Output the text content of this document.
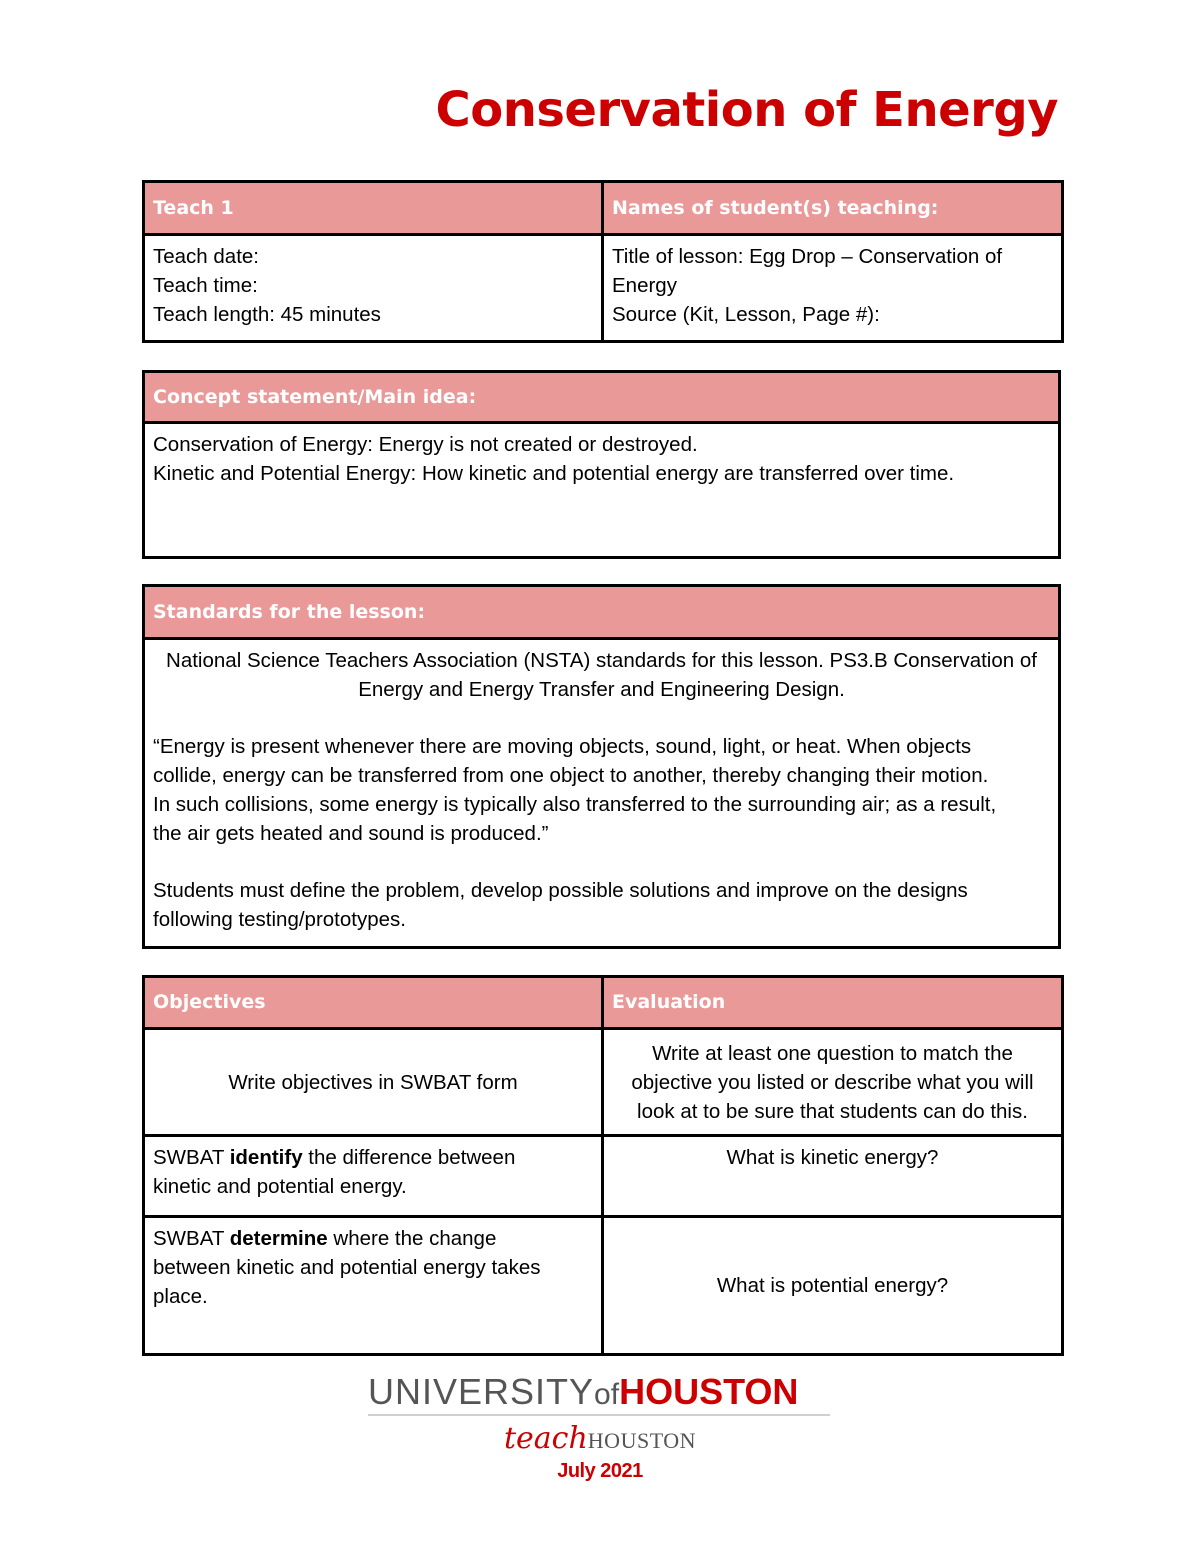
Conservation of Energy
Teach 1	Names of student(s) teaching:

Teach date:
Teach time:
Teach length: 45 minutes	Title of lesson: Egg Drop – Conservation of
Energy
Source (Kit, Lesson, Page #):
Concept statement/Main idea:

Conservation of Energy: Energy is not created or destroyed.
Kinetic and Potential Energy: How kinetic and potential energy are transferred over time.
Standards for the lesson:

National Science Teachers Association (NSTA) standards for this lesson. PS3.B Conservation of
Energy and Energy Transfer and Engineering Design.
“Energy is present whenever there are moving objects, sound, light, or heat. When objects
collide, energy can be transferred from one object to another, thereby changing their motion.
In such collisions, some energy is typically also transferred to the surrounding air; as a result,
the air gets heated and sound is produced.”
Students must define the problem, develop possible solutions and improve on the designs
following testing/prototypes.
Objectives	Evaluation
Write objectives in SWBAT form	Write at least one question to match the
objective you listed or describe what you will
look at to be sure that students can do this.

SWBAT identify the difference between
kinetic and potential energy.	What is kinetic energy?

SWBAT determine where the change
between kinetic and potential energy takes
place.	What is potential energy?
UNIVERSITYofHOUSTON
teachHOUSTON
July 2021
